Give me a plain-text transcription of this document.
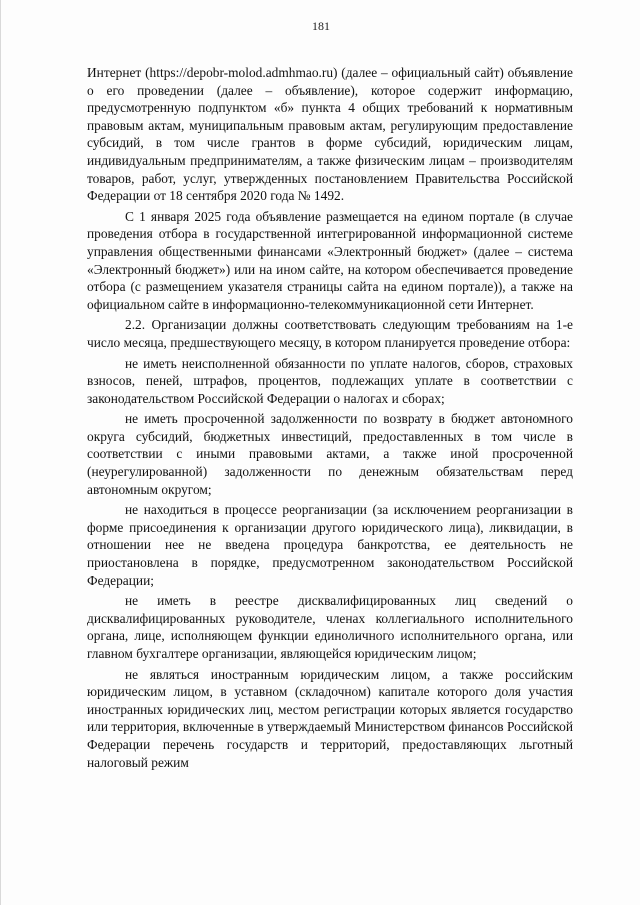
181

Интернет (https://depobr-molod.admhmao.ru) (далее – официальный сайт) объявление о его проведении (далее – объявление), которое содержит информацию, предусмотренную подпунктом «б» пункта 4 общих требований к нормативным правовым актам, муниципальным правовым актам, регулирующим предоставление субсидий, в том числе грантов в форме субсидий, юридическим лицам, индивидуальным предпринимателям, а также физическим лицам – производителям товаров, работ, услуг, утвержденных постановлением Правительства Российской Федерации от 18 сентября 2020 года № 1492.

С 1 января 2025 года объявление размещается на едином портале (в случае проведения отбора в государственной интегрированной информационной системе управления общественными финансами «Электронный бюджет» (далее – система «Электронный бюджет») или на ином сайте, на котором обеспечивается проведение отбора (с размещением указателя страницы сайта на едином портале)), а также на официальном сайте в информационно-телекоммуникационной сети Интернет.

2.2. Организации должны соответствовать следующим требованиям на 1-е число месяца, предшествующего месяцу, в котором планируется проведение отбора:

не иметь неисполненной обязанности по уплате налогов, сборов, страховых взносов, пеней, штрафов, процентов, подлежащих уплате в соответствии с законодательством Российской Федерации о налогах и сборах;

не иметь просроченной задолженности по возврату в бюджет автономного округа субсидий, бюджетных инвестиций, предоставленных в том числе в соответствии с иными правовыми актами, а также иной просроченной (неурегулированной) задолженности по денежным обязательствам перед автономным округом;

не находиться в процессе реорганизации (за исключением реорганизации в форме присоединения к организации другого юридического лица), ликвидации, в отношении нее не введена процедура банкротства, ее деятельность не приостановлена в порядке, предусмотренном законодательством Российской Федерации;

не иметь в реестре дисквалифицированных лиц сведений о дисквалифицированных руководителе, членах коллегиального исполнительного органа, лице, исполняющем функции единоличного исполнительного органа, или главном бухгалтере организации, являющейся юридическим лицом;

не являться иностранным юридическим лицом, а также российским юридическим лицом, в уставном (складочном) капитале которого доля участия иностранных юридических лиц, местом регистрации которых является государство или территория, включенные в утверждаемый Министерством финансов Российской Федерации перечень государств и территорий, предоставляющих льготный налоговый режим
